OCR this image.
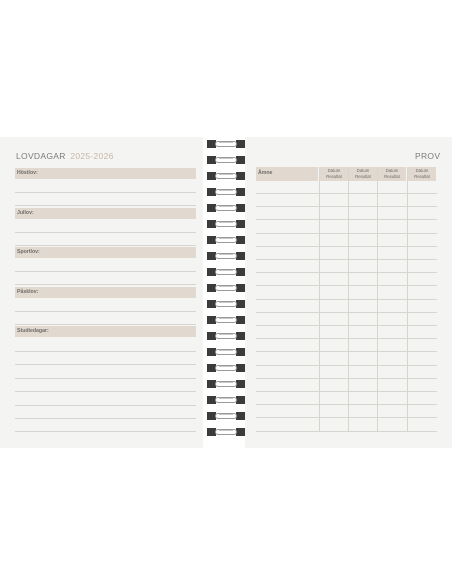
LOVDAGAR 2025-2026	PROV
Höstlov:
Jullov:
Sportlov:
Påsklov:
Studiedagar:
Ämne	Datum
Resultat
Datum
Resultat
Datum
Resultat
Datum
Resultat
